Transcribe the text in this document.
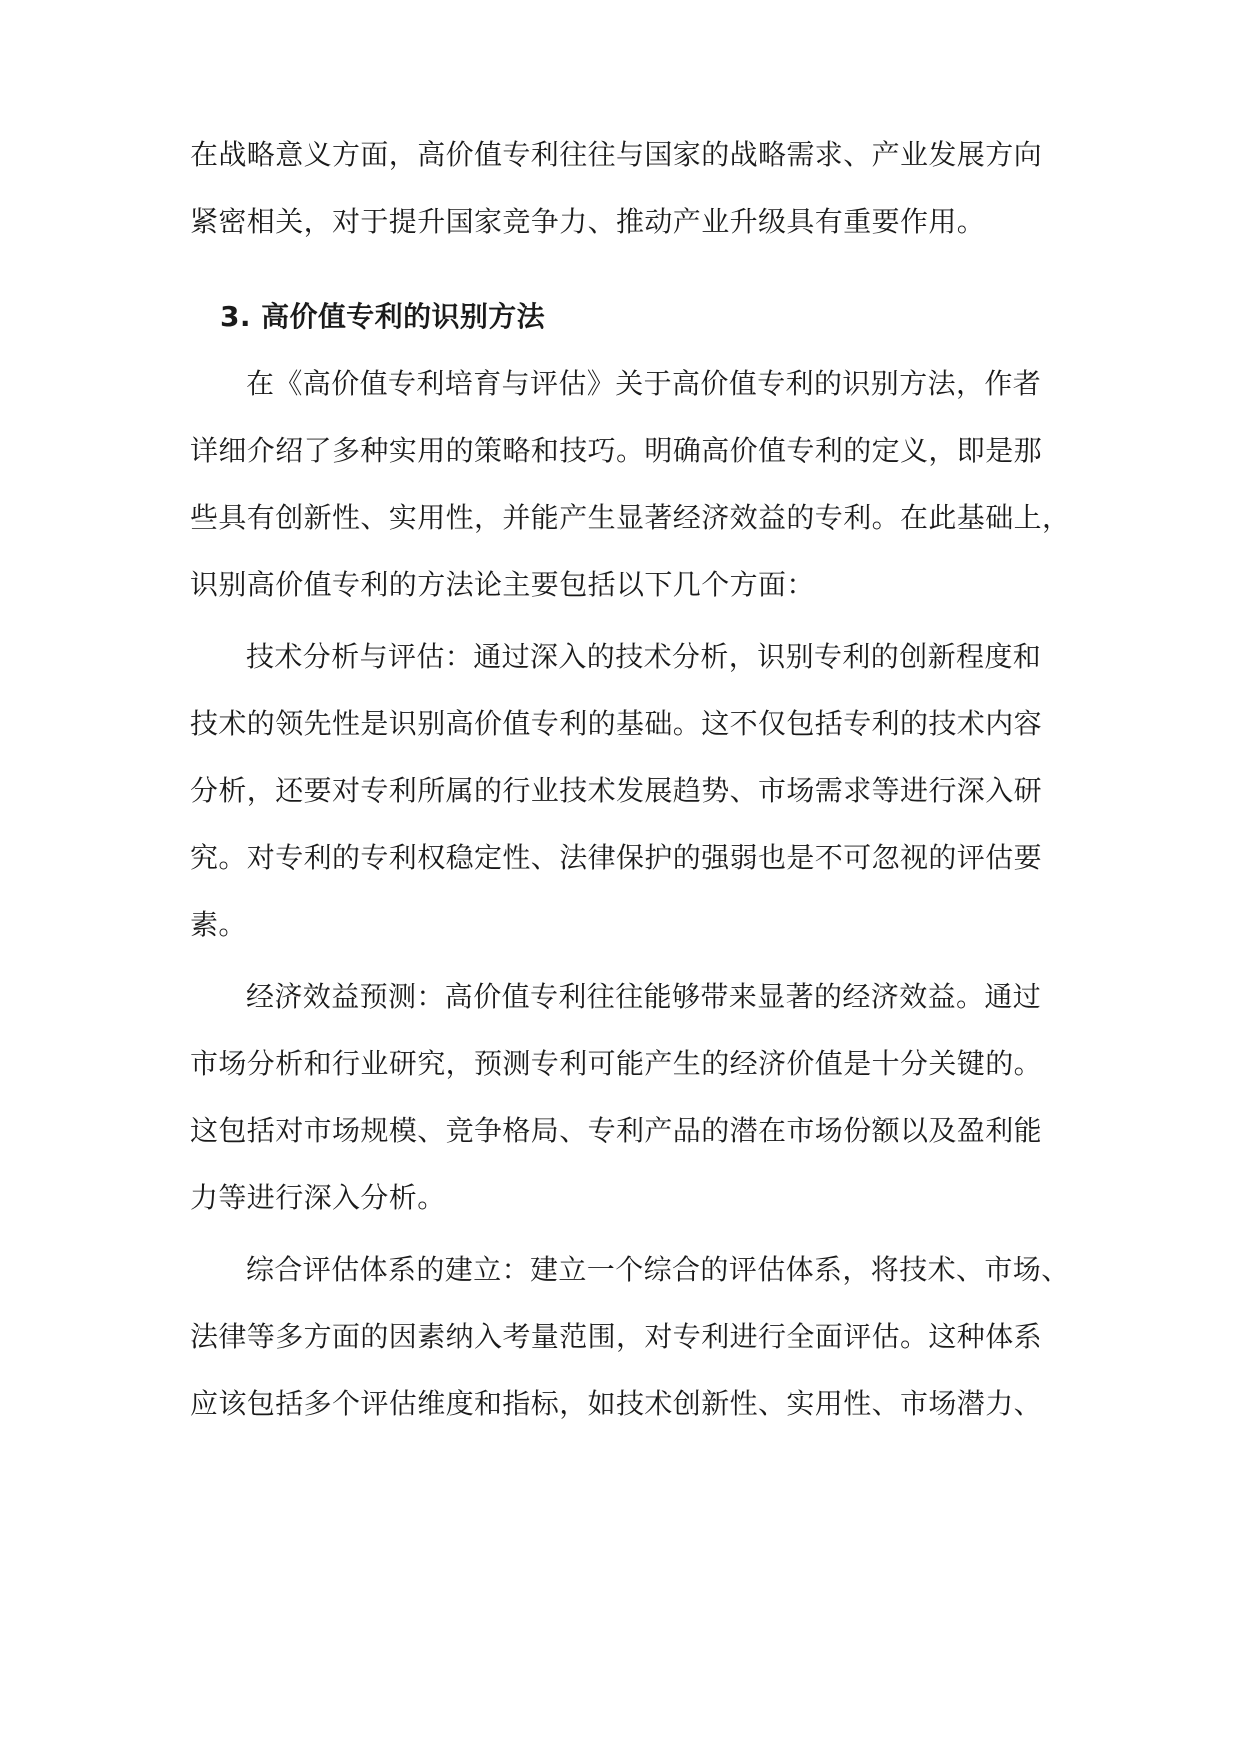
在战略意义方面，高价值专利往往与国家的战略需求、产业发展方向
紧密相关，对于提升国家竞争力、推动产业升级具有重要作用。
3. 高价值专利的识别方法
在《高价值专利培育与评估》关于高价值专利的识别方法，作者
详细介绍了多种实用的策略和技巧。明确高价值专利的定义，即是那
些具有创新性、实用性，并能产生显著经济效益的专利。在此基础上，
识别高价值专利的方法论主要包括以下几个方面：
技术分析与评估：通过深入的技术分析，识别专利的创新程度和
技术的领先性是识别高价值专利的基础。这不仅包括专利的技术内容
分析，还要对专利所属的行业技术发展趋势、市场需求等进行深入研
究。对专利的专利权稳定性、法律保护的强弱也是不可忽视的评估要
素。
经济效益预测：高价值专利往往能够带来显著的经济效益。通过
市场分析和行业研究，预测专利可能产生的经济价值是十分关键的。
这包括对市场规模、竞争格局、专利产品的潜在市场份额以及盈利能
力等进行深入分析。
综合评估体系的建立：建立一个综合的评估体系，将技术、市场、
法律等多方面的因素纳入考量范围，对专利进行全面评估。这种体系
应该包括多个评估维度和指标，如技术创新性、实用性、市场潜力、
